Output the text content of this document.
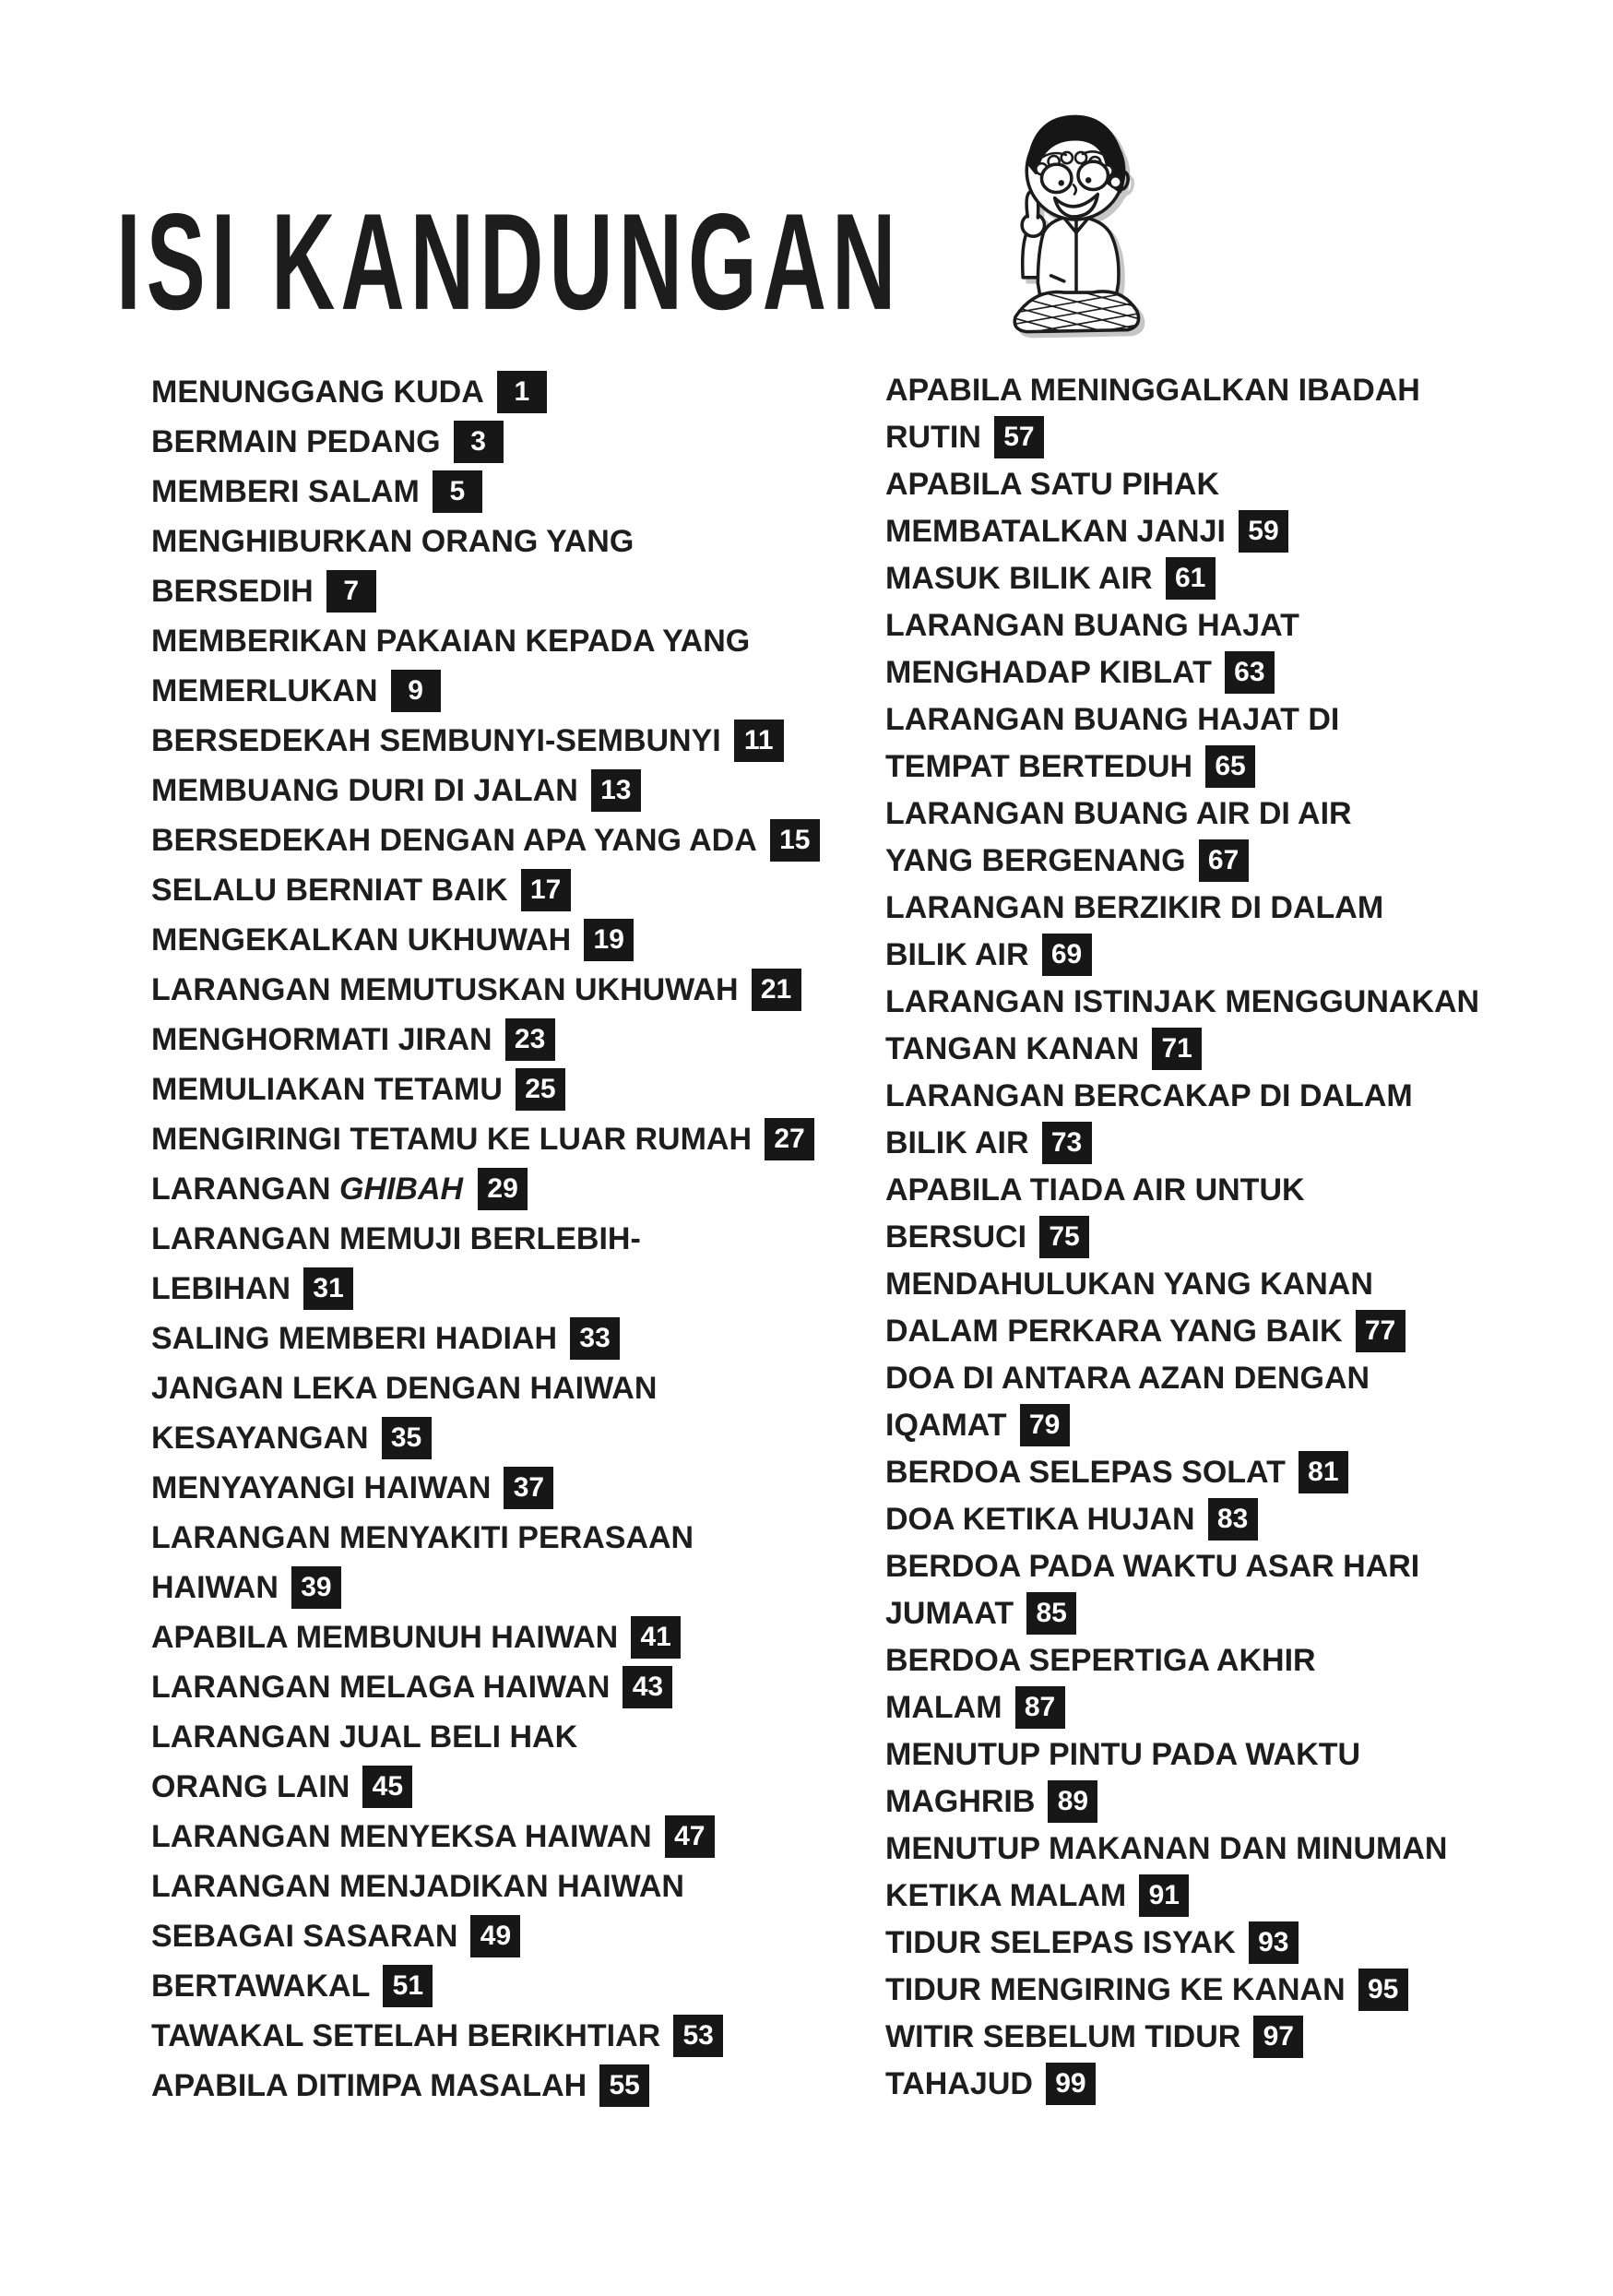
ISI KANDUNGAN
MENUNGGANG KUDA 1
BERMAIN PEDANG 3
MEMBERI SALAM 5
MENGHIBURKAN ORANG YANG
BERSEDIH 7
MEMBERIKAN PAKAIAN KEPADA YANG
MEMERLUKAN 9
BERSEDEKAH SEMBUNYI-SEMBUNYI 11
MEMBUANG DURI DI JALAN 13
BERSEDEKAH DENGAN APA YANG ADA 15
SELALU BERNIAT BAIK 17
MENGEKALKAN UKHUWAH 19
LARANGAN MEMUTUSKAN UKHUWAH 21
MENGHORMATI JIRAN 23
MEMULIAKAN TETAMU 25
MENGIRINGI TETAMU KE LUAR RUMAH 27
LARANGAN GHIBAH 29
LARANGAN MEMUJI BERLEBIH-
LEBIHAN 31
SALING MEMBERI HADIAH 33
JANGAN LEKA DENGAN HAIWAN
KESAYANGAN 35
MENYAYANGI HAIWAN 37
LARANGAN MENYAKITI PERASAAN
HAIWAN 39
APABILA MEMBUNUH HAIWAN 41
LARANGAN MELAGA HAIWAN 43
LARANGAN JUAL BELI HAK
ORANG LAIN 45
LARANGAN MENYEKSA HAIWAN 47
LARANGAN MENJADIKAN HAIWAN
SEBAGAI SASARAN 49
BERTAWAKAL 51
TAWAKAL SETELAH BERIKHTIAR 53
APABILA DITIMPA MASALAH 55
APABILA MENINGGALKAN IBADAH
RUTIN 57
APABILA SATU PIHAK
MEMBATALKAN JANJI 59
MASUK BILIK AIR 61
LARANGAN BUANG HAJAT
MENGHADAP KIBLAT 63
LARANGAN BUANG HAJAT DI
TEMPAT BERTEDUH 65
LARANGAN BUANG AIR DI AIR
YANG BERGENANG 67
LARANGAN BERZIKIR DI DALAM
BILIK AIR 69
LARANGAN ISTINJAK MENGGUNAKAN
TANGAN KANAN 71
LARANGAN BERCAKAP DI DALAM
BILIK AIR 73
APABILA TIADA AIR UNTUK
BERSUCI 75
MENDAHULUKAN YANG KANAN
DALAM PERKARA YANG BAIK 77
DOA DI ANTARA AZAN DENGAN
IQAMAT 79
BERDOA SELEPAS SOLAT 81
DOA KETIKA HUJAN 83
BERDOA PADA WAKTU ASAR HARI
JUMAAT 85
BERDOA SEPERTIGA AKHIR
MALAM 87
MENUTUP PINTU PADA WAKTU
MAGHRIB 89
MENUTUP MAKANAN DAN MINUMAN
KETIKA MALAM 91
TIDUR SELEPAS ISYAK 93
TIDUR MENGIRING KE KANAN 95
WITIR SEBELUM TIDUR 97
TAHAJUD 99
